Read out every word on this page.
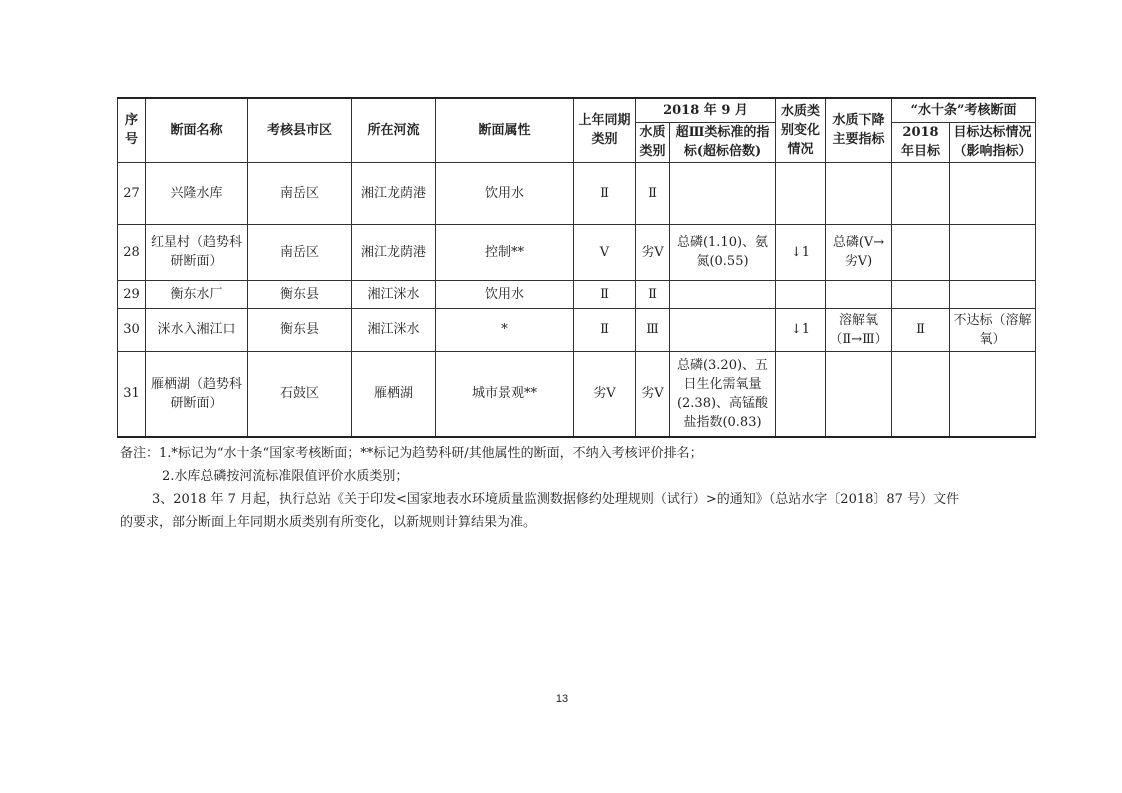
序号	断面名称	考核县市区	所在河流	断面属性	上年同期类别	2018 年 9 月		水质类别变化情况	水质下降主要指标	“水十条”考核断面	
						水质类别	超Ⅲ类标准的指标(超标倍数)			2018 年目标	目标达标情况（影响指标）

27	兴隆水库	南岳区	湘江龙荫港	饮用水	Ⅱ	Ⅱ					
28	红星村（趋势科研断面）	南岳区	湘江龙荫港	控制**	Ⅴ	劣Ⅴ	总磷(1.10)、氨氮(0.55)	↓1	总磷(Ⅴ→劣Ⅴ)		
29	衡东水厂	衡东县	湘江洣水	饮用水	Ⅱ	Ⅱ					
30	洣水入湘江口	衡东县	湘江洣水	*	Ⅱ	Ⅲ		↓1	溶解氧（Ⅱ→Ⅲ）	Ⅱ	不达标（溶解氧）
31	雁栖湖（趋势科研断面）	石鼓区	雁栖湖	城市景观**	劣Ⅴ	劣Ⅴ	总磷(3.20)、五日生化需氧量(2.38)、高锰酸盐指数(0.83)				

备注：1.*标记为“水十条“国家考核断面；**标记为趋势科研/其他属性的断面，不纳入考核评价排名；

2.水库总磷按河流标准限值评价水质类别；

3、2018 年 7 月起，执行总站《关于印发<国家地表水环境质量监测数据修约处理规则（试行）>的通知》（总站水字〔2018〕87 号）文件

的要求，部分断面上年同期水质类别有所变化，以新规则计算结果为准。

13
